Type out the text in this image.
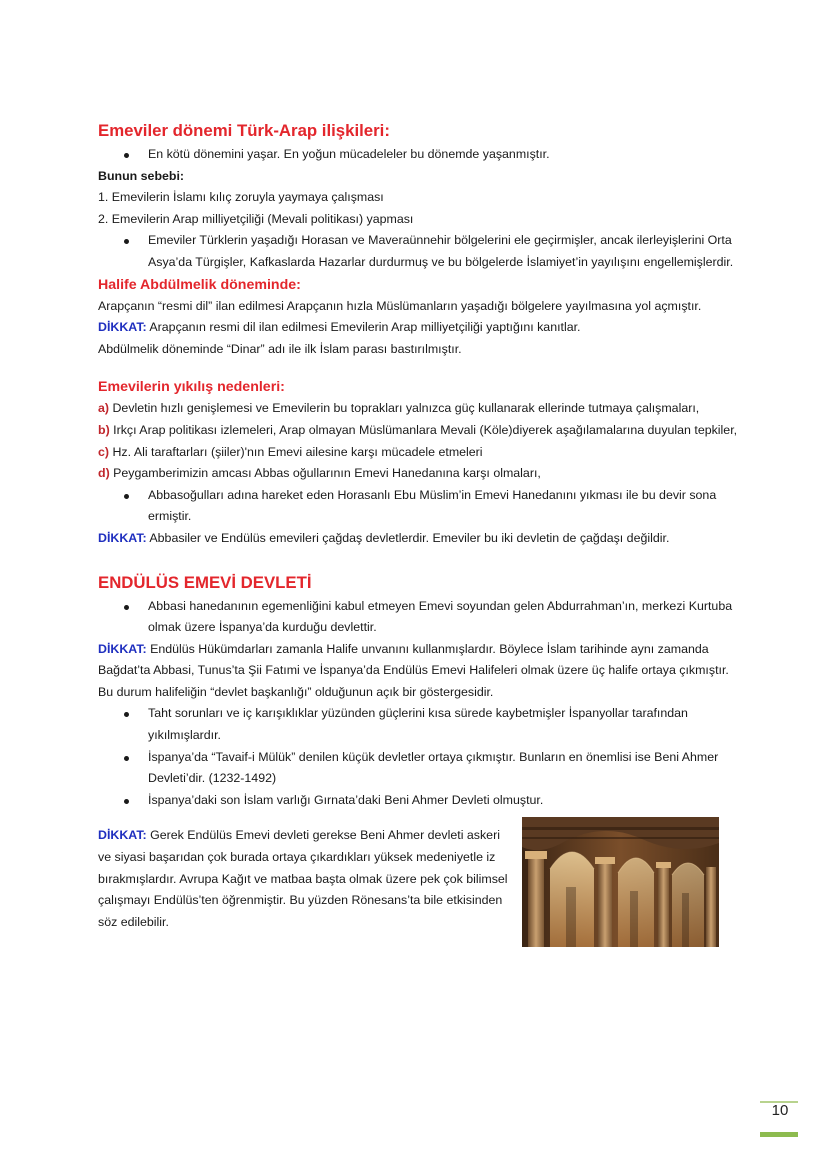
Emeviler dönemi Türk-Arap ilişkileri:
En kötü dönemini yaşar. En yoğun mücadeleler bu dönemde yaşanmıştır.

Bunun sebebi:

1. Emevilerin İslamı kılıç zoruyla yaymaya çalışması

2. Emevilerin Arap milliyetçiliği (Mevali politikası) yapması

Emeviler Türklerin yaşadığı Horasan ve Maveraünnehir bölgelerini ele geçirmişler, ancak ilerleyişlerini Orta Asya’da Türgişler, Kafkaslarda Hazarlar durdurmuş ve bu bölgelerde İslamiyet’in yayılışını engellemişlerdir.
Halife Abdülmelik döneminde:

Arapçanın “resmi dil” ilan edilmesi Arapçanın hızla Müslümanların yaşadığı bölgelere yayılmasına yol açmıştır.

DİKKAT: Arapçanın resmi dil ilan edilmesi Emevilerin Arap milliyetçiliği yaptığını kanıtlar.

Abdülmelik döneminde “Dinar” adı ile ilk İslam parası bastırılmıştır.

Emevilerin yıkılış nedenleri:

a) Devletin hızlı genişlemesi ve Emevilerin bu toprakları yalnızca güç kullanarak ellerinde tutmaya çalışmaları,

b) Irkçı Arap politikası izlemeleri, Arap olmayan Müslümanlara Mevali (Köle)diyerek aşağılamalarına duyulan tepkiler,

c) Hz. Ali taraftarları (şiiler)'nın Emevi ailesine karşı mücadele etmeleri

d) Peygamberimizin amcası Abbas oğullarının Emevi Hanedanına karşı olmaları,

Abbasoğulları adına hareket eden Horasanlı Ebu Müslim’in Emevi Hanedanını yıkması ile bu devir sona ermiştir.

DİKKAT: Abbasiler ve Endülüs emevileri çağdaş devletlerdir. Emeviler bu iki devletin de çağdaşı değildir.

ENDÜLÜS EMEVİ DEVLETİ
Abbasi hanedanının egemenliğini kabul etmeyen Emevi soyundan gelen Abdurrahman’ın, merkezi Kurtuba olmak üzere İspanya’da kurduğu devlettir.

DİKKAT: Endülüs Hükümdarları zamanla Halife unvanını kullanmışlardır. Böylece İslam tarihinde aynı zamanda Bağdat’ta Abbasi, Tunus’ta Şii Fatımi ve İspanya’da Endülüs Emevi Halifeleri olmak üzere üç halife ortaya çıkmıştır. Bu durum halifeliğin “devlet başkanlığı” olduğunun açık bir göstergesidir.

Taht sorunları ve iç karışıklıklar yüzünden güçlerini kısa sürede kaybetmişler İspanyollar tarafından yıkılmışlardır.
İspanya’da “Tavaif-i Mülük” denilen küçük devletler ortaya çıkmıştır. Bunların en önemlisi ise Beni Ahmer Devleti’dir. (1232-1492)
İspanya’daki son İslam varlığı Gırnata’daki Beni Ahmer Devleti olmuştur.

DİKKAT: Gerek Endülüs Emevi devleti gerekse Beni Ahmer devleti askeri ve siyasi başarıdan çok burada ortaya çıkardıkları yüksek medeniyetle iz bırakmışlardır. Avrupa Kağıt ve matbaa başta olmak üzere pek çok bilimsel çalışmayı Endülüs’ten öğrenmiştir. Bu yüzden Rönesans’ta bile etkisinden söz edilebilir.

10
